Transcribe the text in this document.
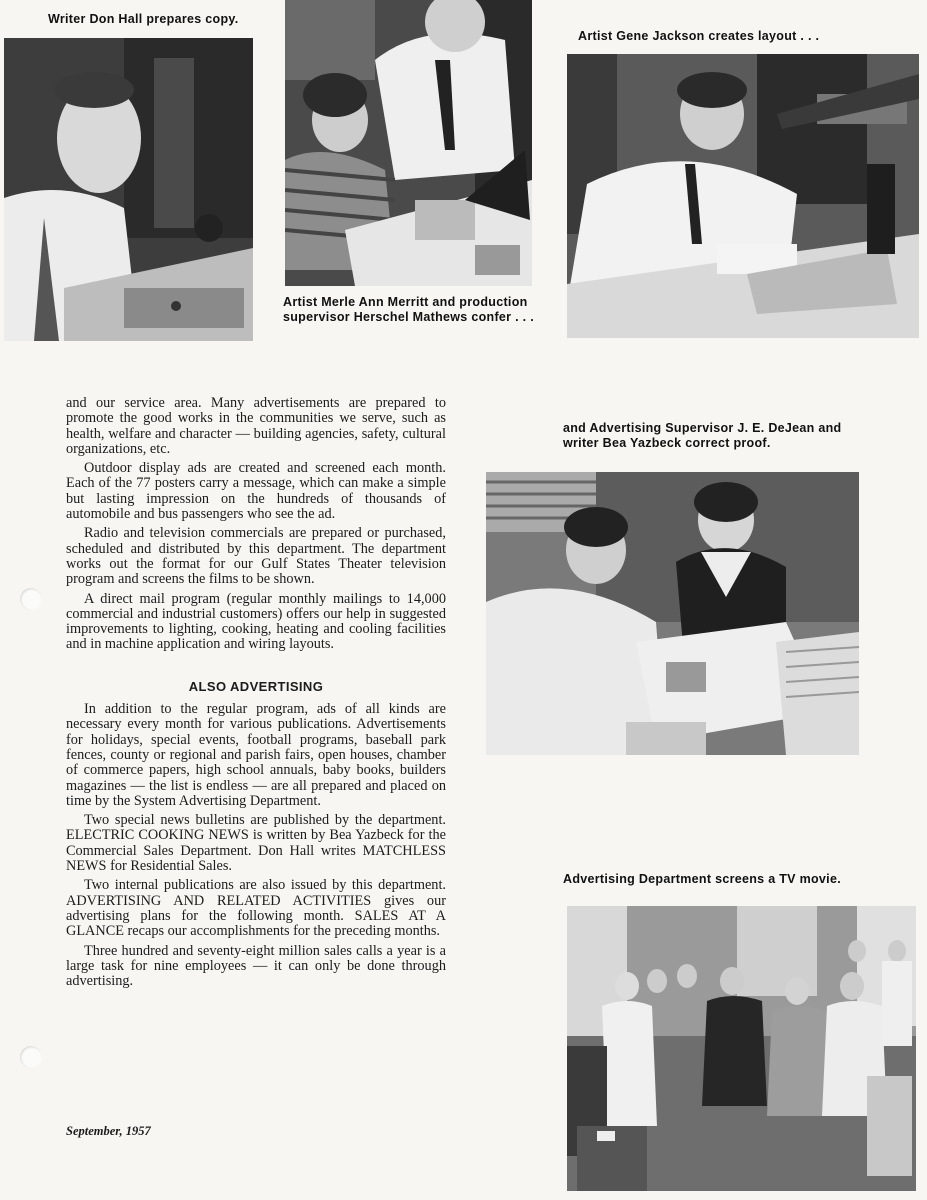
Writer Don Hall prepares copy.
Artist Merle Ann Merritt and production supervisor Herschel Mathews confer . . .
Artist Gene Jackson creates layout . . .
and Advertising Supervisor J. E. DeJean and writer Bea Yazbeck correct proof.
Advertising Department screens a TV movie.

and our service area. Many advertisements are prepared to promote the good works in the communities we serve, such as health, welfare and character — building agencies, safety, cultural organizations, etc.

Outdoor display ads are created and screened each month. Each of the 77 posters carry a message, which can make a simple but lasting impression on the hundreds of thousands of automobile and bus passengers who see the ad.

Radio and television commercials are prepared or purchased, scheduled and distributed by this department. The department works out the format for our Gulf States Theater television program and screens the films to be shown.

A direct mail program (regular monthly mailings to 14,000 commercial and industrial customers) offers our help in suggested improvements to lighting, cooking, heating and cooling facilities and in machine application and wiring layouts.

ALSO ADVERTISING

In addition to the regular program, ads of all kinds are necessary every month for various publications. Advertisements for holidays, special events, football programs, baseball park fences, county or regional and parish fairs, open houses, chamber of commerce papers, high school annuals, baby books, builders magazines — the list is endless — are all prepared and placed on time by the System Advertising Department.

Two special news bulletins are published by the department. ELECTRIC COOKING NEWS is written by Bea Yazbeck for the Commercial Sales Department. Don Hall writes MATCHLESS NEWS for Residential Sales.

Two internal publications are also issued by this department. ADVERTISING AND RELATED ACTIVITIES gives our advertising plans for the following month. SALES AT A GLANCE recaps our accomplishments for the preceding months.

Three hundred and seventy-eight million sales calls a year is a large task for nine employees — it can only be done through advertising.

September, 1957
